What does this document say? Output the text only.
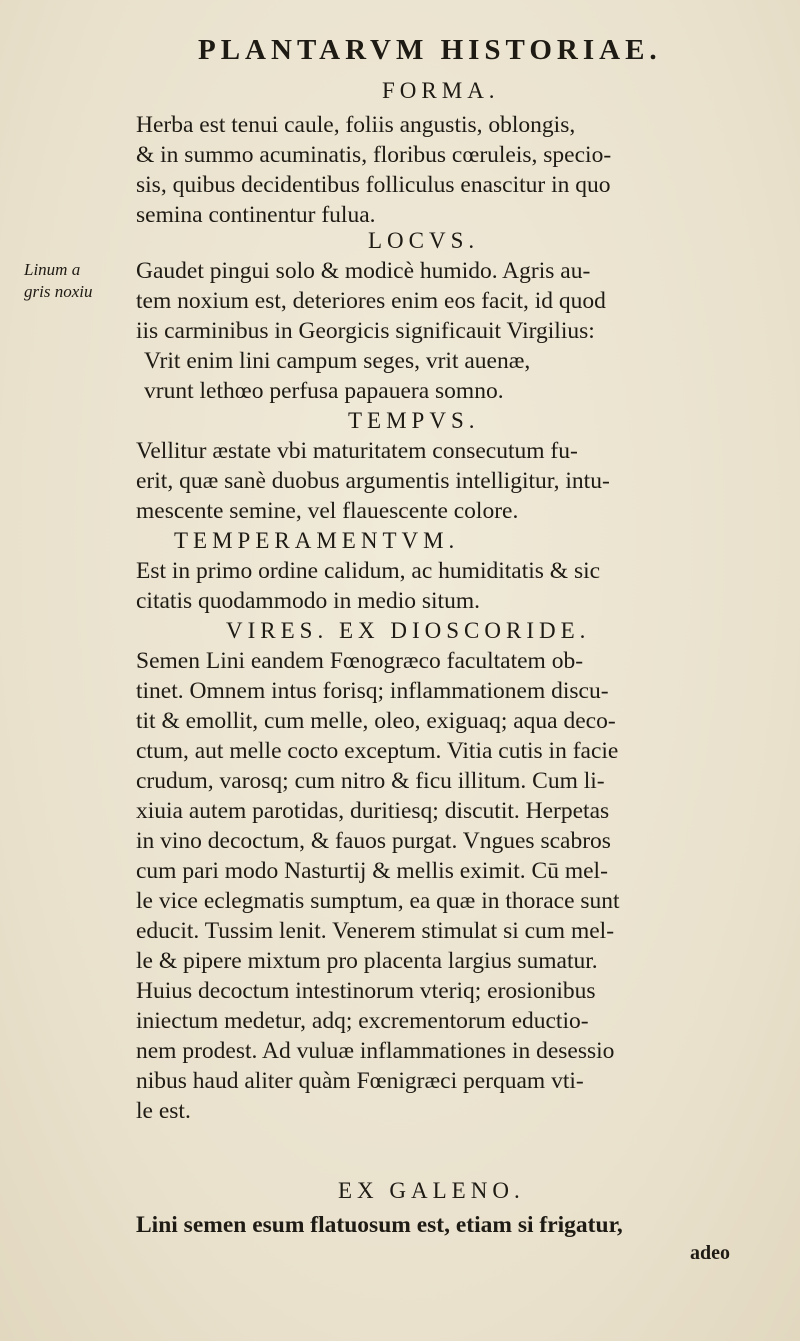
PLANTARVM HISTORIAE.
FORMA.
Herba est tenui caule, foliis angustis, oblongis,
& in summo acuminatis, floribus cœruleis, specio-
sis, quibus decidentibus folliculus enascitur in quo
semina continentur fulua.
LOCVS.
Gaudet pingui solo & modicè humido. Agris au-
tem noxium est, deteriores enim eos facit, id quod
iis carminibus in Georgicis significauit Virgilius:
Vrit enim lini campum seges, vrit auenæ,
vrunt lethœo perfusa papauera somno.
Linum a
gris noxiu
TEMPVS.
Vellitur æstate vbi maturitatem consecutum fu-
erit, quæ sanè duobus argumentis intelligitur, intu-
mescente semine, vel flauescente colore.
TEMPERAMENTVM.
Est in primo ordine calidum, ac humiditatis & sic
citatis quodammodo in medio situm.
VIRES. EX DIOSCORIDE.
Semen Lini eandem Fœnogræco facultatem ob-
tinet. Omnem intus forisq; inflammationem discu-
tit & emollit, cum melle, oleo, exiguaq; aqua deco-
ctum, aut melle cocto exceptum. Vitia cutis in facie
crudum, varosq; cum nitro & ficu illitum. Cum li-
xiuia autem parotidas, duritiesq; discutit. Herpetas
in vino decoctum, & fauos purgat. Vngues scabros
cum pari modo Nasturtij & mellis eximit. Cū mel-
le vice eclegmatis sumptum, ea quæ in thorace sunt
educit. Tussim lenit. Venerem stimulat si cum mel-
le & pipere mixtum pro placenta largius sumatur.
Huius decoctum intestinorum vteriq; erosionibus
iniectum medetur, adq; excrementorum eductio-
nem prodest. Ad vuluæ inflammationes in desessio
nibus haud aliter quàm Fœnigræci perquam vti-
le est.
EX GALENO.
Lini semen esum flatuosum est, etiam si frigatur,
adeo
